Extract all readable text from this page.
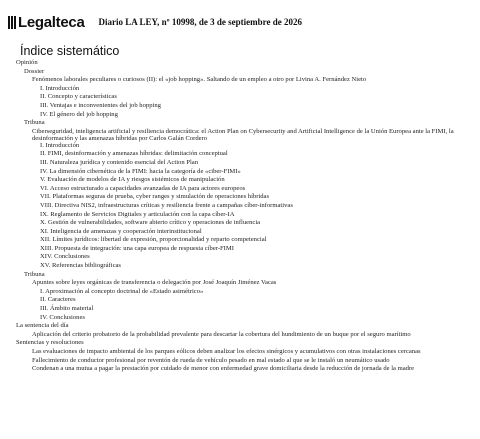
Legalteca Diario LA LEY, nº 10998, de 3 de septiembre de 2026
Índice sistemático
Opinión
Dossier
Fenómenos laborales peculiares o curiosos (II): el «job hopping». Saltando de un empleo a otro por Livina A. Fernández Nieto
I. Introducción
II. Concepto y características
III. Ventajas e inconvenientes del job hopping
IV. El género del job hopping
Tribuna
Ciberseguridad, inteligencia artificial y resiliencia democrática: el Action Plan on Cybersecurity and Artificial Intelligence de la Unión Europea ante la FIMI, la desinformación y las amenazas híbridas por Carlos Galán Cordero
I. Introducción
II. FIMI, desinformación y amenazas híbridas: delimitación conceptual
III. Naturaleza jurídica y contenido esencial del Action Plan
IV. La dimensión cibernética de la FIMI: hacia la categoría de «ciber-FIMI»
V. Evaluación de modelos de IA y riesgos sistémicos de manipulación
VI. Acceso estructurado a capacidades avanzadas de IA para actores europeos
VII. Plataformas seguras de prueba, cyber ranges y simulación de operaciones híbridas
VIII. Directiva NIS2, infraestructuras críticas y resiliencia frente a campañas cíber-informativas
IX. Reglamento de Servicios Digitales y articulación con la capa cíber-IA
X. Gestión de vulnerabilidades, software abierto crítico y operaciones de influencia
XI. Inteligencia de amenazas y cooperación interinstitucional
XII. Límites jurídicos: libertad de expresión, proporcionalidad y reparto competencial
XIII. Propuesta de integración: una capa europea de respuesta cíber-FIMI
XIV. Conclusiones
XV. Referencias bibliográficas
Tribuna
Apuntes sobre leyes orgánicas de transferencia o delegación por José Joaquín Jiménez Vacas
I. Aproximación al concepto doctrinal de «Estado asimétrico»
II. Caracteres
III. Ámbito material
IV. Conclusiones
La sentencia del día
Aplicación del criterio probatorio de la probabilidad prevalente para descartar la cobertura del hundimiento de un buque por el seguro marítimo
Sentencias y resoluciones
Las evaluaciones de impacto ambiental de los parques eólicos deben analizar los efectos sinérgicos y acumulativos con otras instalaciones cercanas
Fallecimiento de conductor profesional por reventón de rueda de vehículo pesado en mal estado al que se le instaló un neumático usado
Condenan a una mutua a pagar la prestación por cuidado de menor con enfermedad grave domiciliaria desde la reducción de jornada de la madre
